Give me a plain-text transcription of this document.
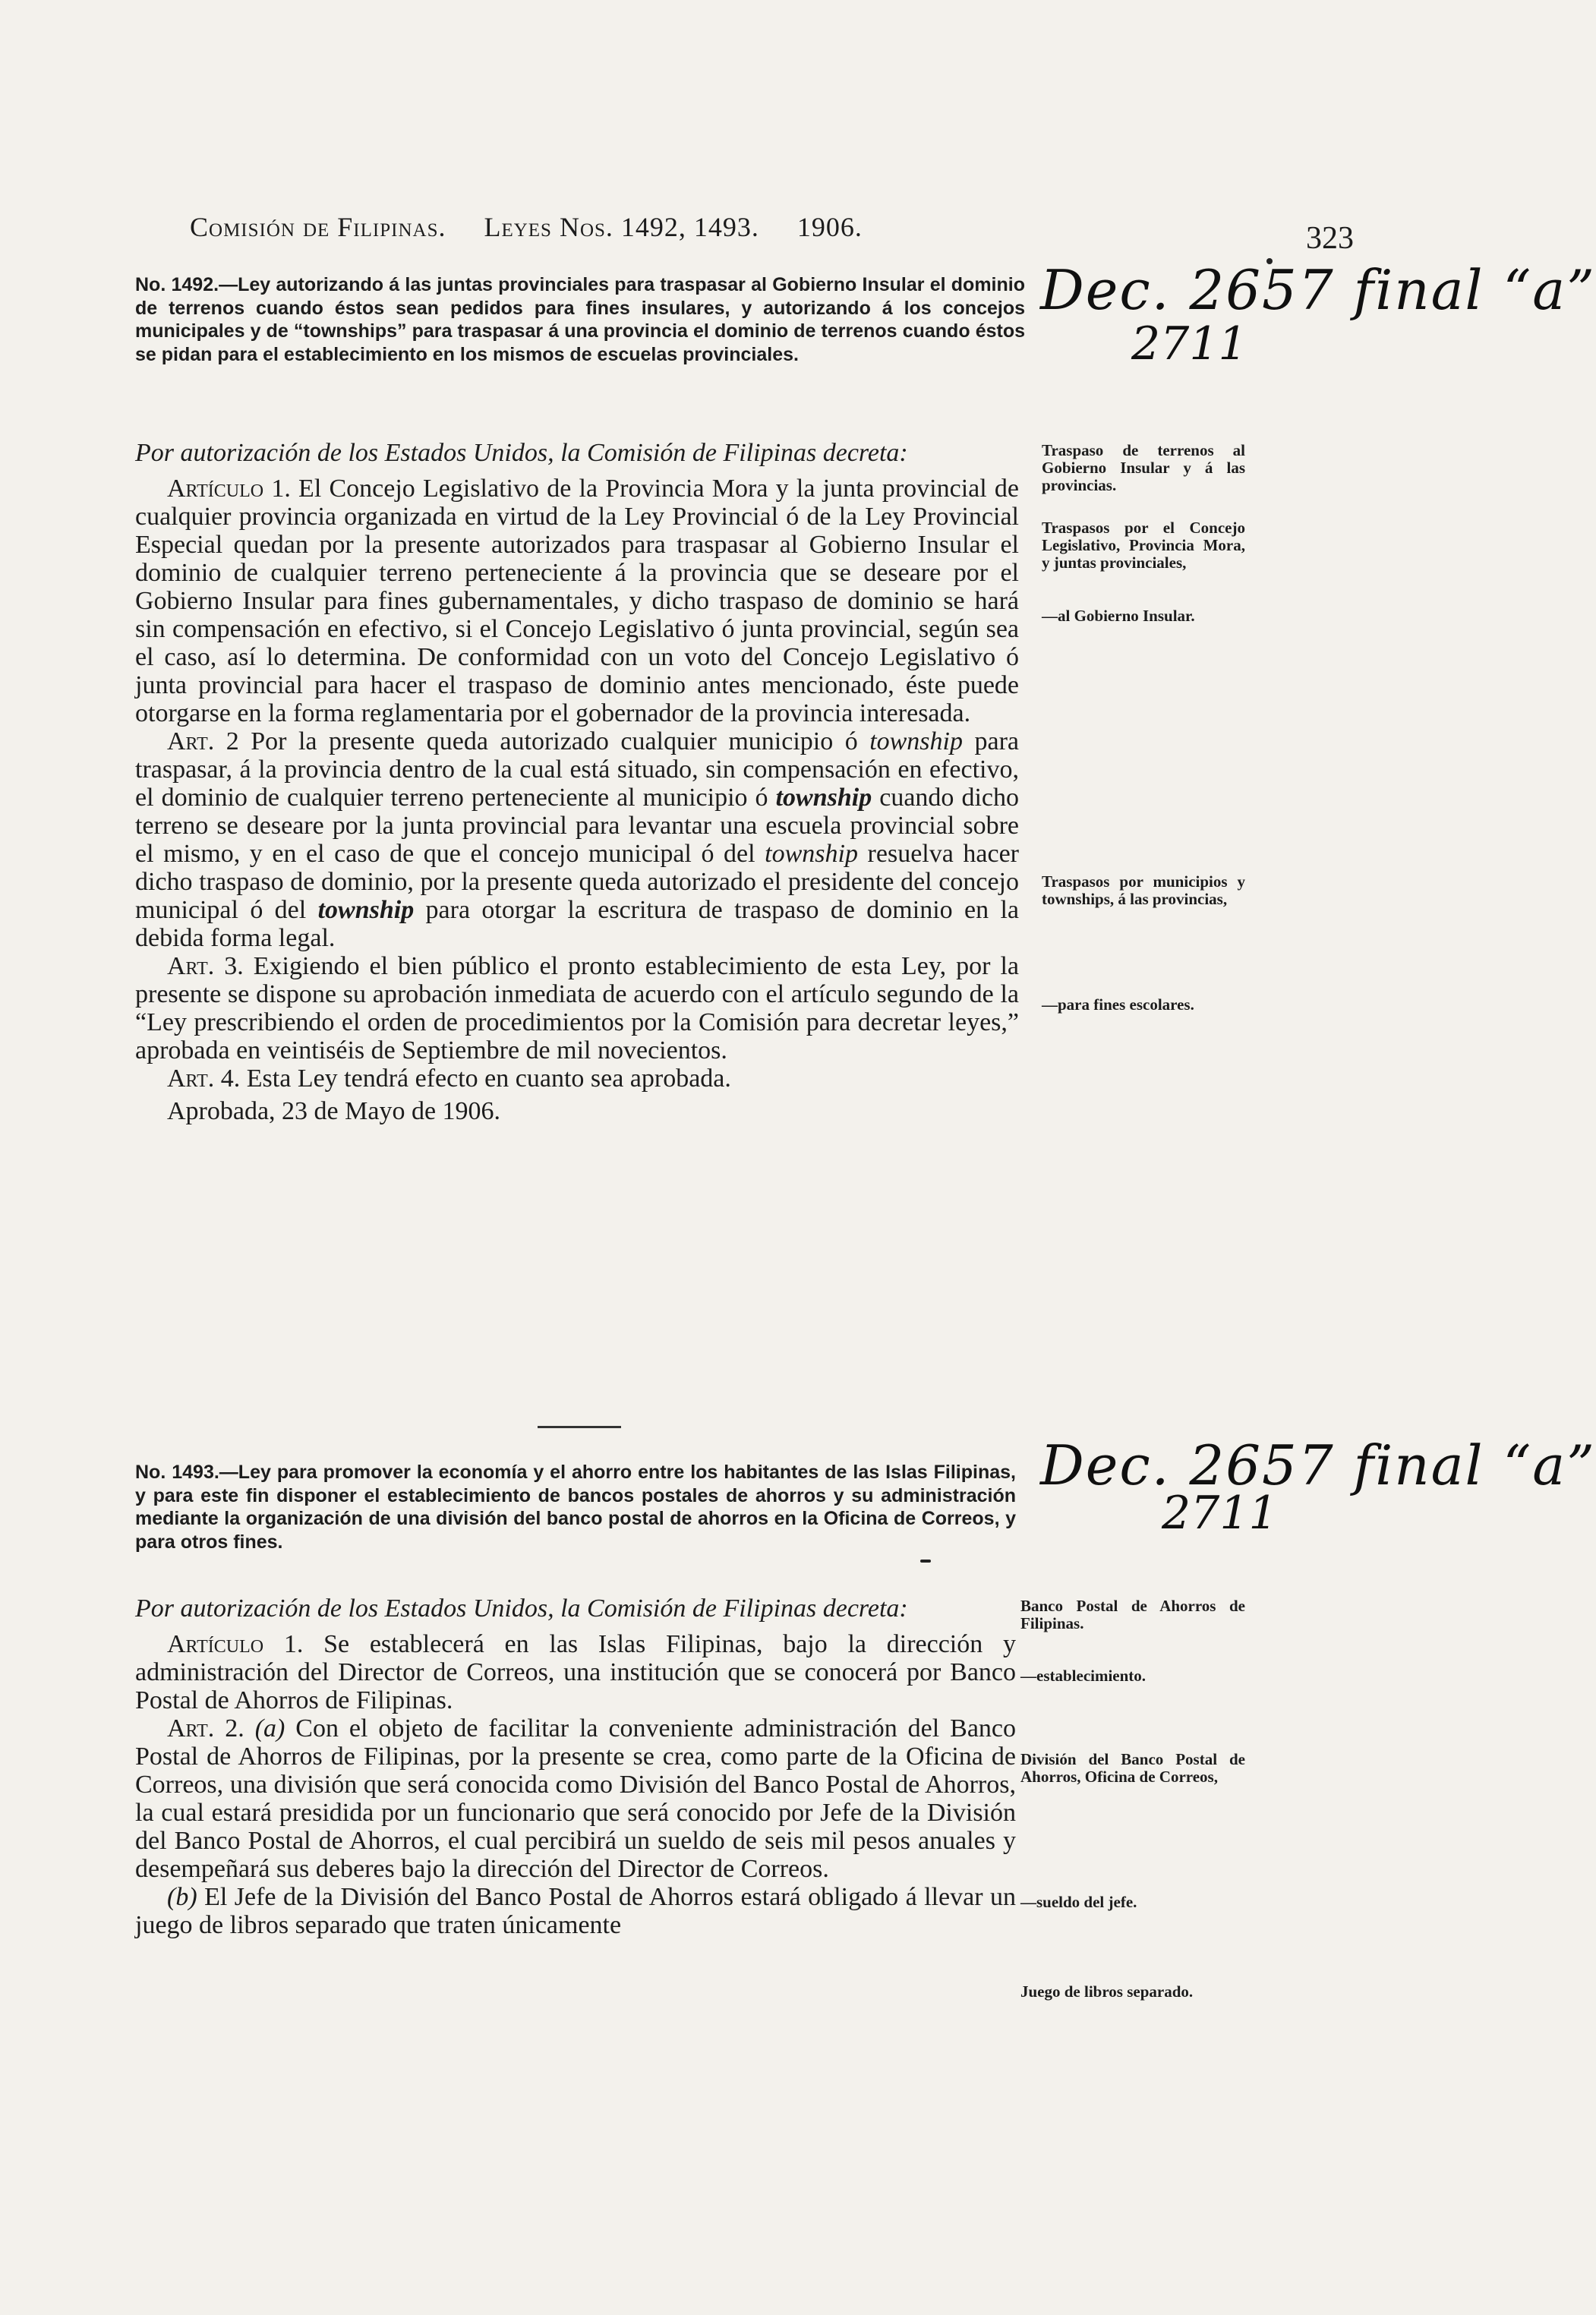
Comisión de Filipinas. Leyes Nos. 1492, 1493. 1906.	323
No. 1492.—Ley autorizando á las juntas provinciales para traspasar al Gobierno Insular el dominio de terrenos cuando éstos sean pedidos para fines insulares, y autorizando á los concejos municipales y de “townships” para traspasar á una provincia el dominio de terrenos cuando éstos se pidan para el establecimiento en los mismos de escuelas provinciales.
Dec. 2657 final “a”
2711

Por autorización de los Estados Unidos, la Comisión de Filipinas decreta:

Artículo 1. El Concejo Legislativo de la Provincia Mora y la junta provincial de cualquier provincia organizada en virtud de la Ley Provincial ó de la Ley Provincial Especial quedan por la presente autorizados para traspasar al Gobierno Insular el dominio de cualquier terreno perteneciente á la provincia que se deseare por el Gobierno Insular para fines gubernamentales, y dicho traspaso de dominio se hará sin compensación en efectivo, si el Concejo Legislativo ó junta provincial, según sea el caso, así lo determina. De conformidad con un voto del Concejo Legislativo ó junta provincial para hacer el traspaso de dominio antes mencionado, éste puede otorgarse en la forma reglamentaria por el gobernador de la provincia interesada.

Art. 2 Por la presente queda autorizado cualquier municipio ó township para traspasar, á la provincia dentro de la cual está situado, sin compensación en efectivo, el dominio de cualquier terreno perteneciente al municipio ó township cuando dicho terreno se deseare por la junta provincial para levantar una escuela provincial sobre el mismo, y en el caso de que el concejo municipal ó del township resuelva hacer dicho traspaso de dominio, por la presente queda autorizado el presidente del concejo municipal ó del township para otorgar la escritura de traspaso de dominio en la debida forma legal.

Art. 3. Exigiendo el bien público el pronto establecimiento de esta Ley, por la presente se dispone su aprobación inmediata de acuerdo con el artículo segundo de la “Ley prescribiendo el orden de procedimientos por la Comisión para decretar leyes,” aprobada en veintiséis de Septiembre de mil novecientos.

Art. 4. Esta Ley tendrá efecto en cuanto sea aprobada.

Aprobada, 23 de Mayo de 1906.

Traspaso de terrenos al Gobierno Insular y á las provincias.
Traspasos por el Concejo Legislativo, Provincia Mora, y juntas provinciales,
—al Gobierno Insular.
Traspasos por municipios y townships, á las provincias,
—para fines escolares.
No. 1493.—Ley para promover la economía y el ahorro entre los habitantes de las Islas Filipinas, y para este fin disponer el establecimiento de bancos postales de ahorros y su administración mediante la organización de una división del banco postal de ahorros en la Oficina de Correos, y para otros fines.
Dec. 2657 final “a”
2711

Por autorización de los Estados Unidos, la Comisión de Filipinas decreta:

Artículo 1. Se establecerá en las Islas Filipinas, bajo la dirección y administración del Director de Correos, una institución que se conocerá por Banco Postal de Ahorros de Filipinas.

Art. 2. (a) Con el objeto de facilitar la conveniente administración del Banco Postal de Ahorros de Filipinas, por la presente se crea, como parte de la Oficina de Correos, una división que será conocida como División del Banco Postal de Ahorros, la cual estará presidida por un funcionario que será conocido por Jefe de la División del Banco Postal de Ahorros, el cual percibirá un sueldo de seis mil pesos anuales y desempeñará sus deberes bajo la dirección del Director de Correos.

(b) El Jefe de la División del Banco Postal de Ahorros estará obligado á llevar un juego de libros separado que traten únicamente

Banco Postal de Ahorros de Filipinas.
—establecimiento.
División del Banco Postal de Ahorros, Oficina de Correos,
—sueldo del jefe.
Juego de libros separado.
